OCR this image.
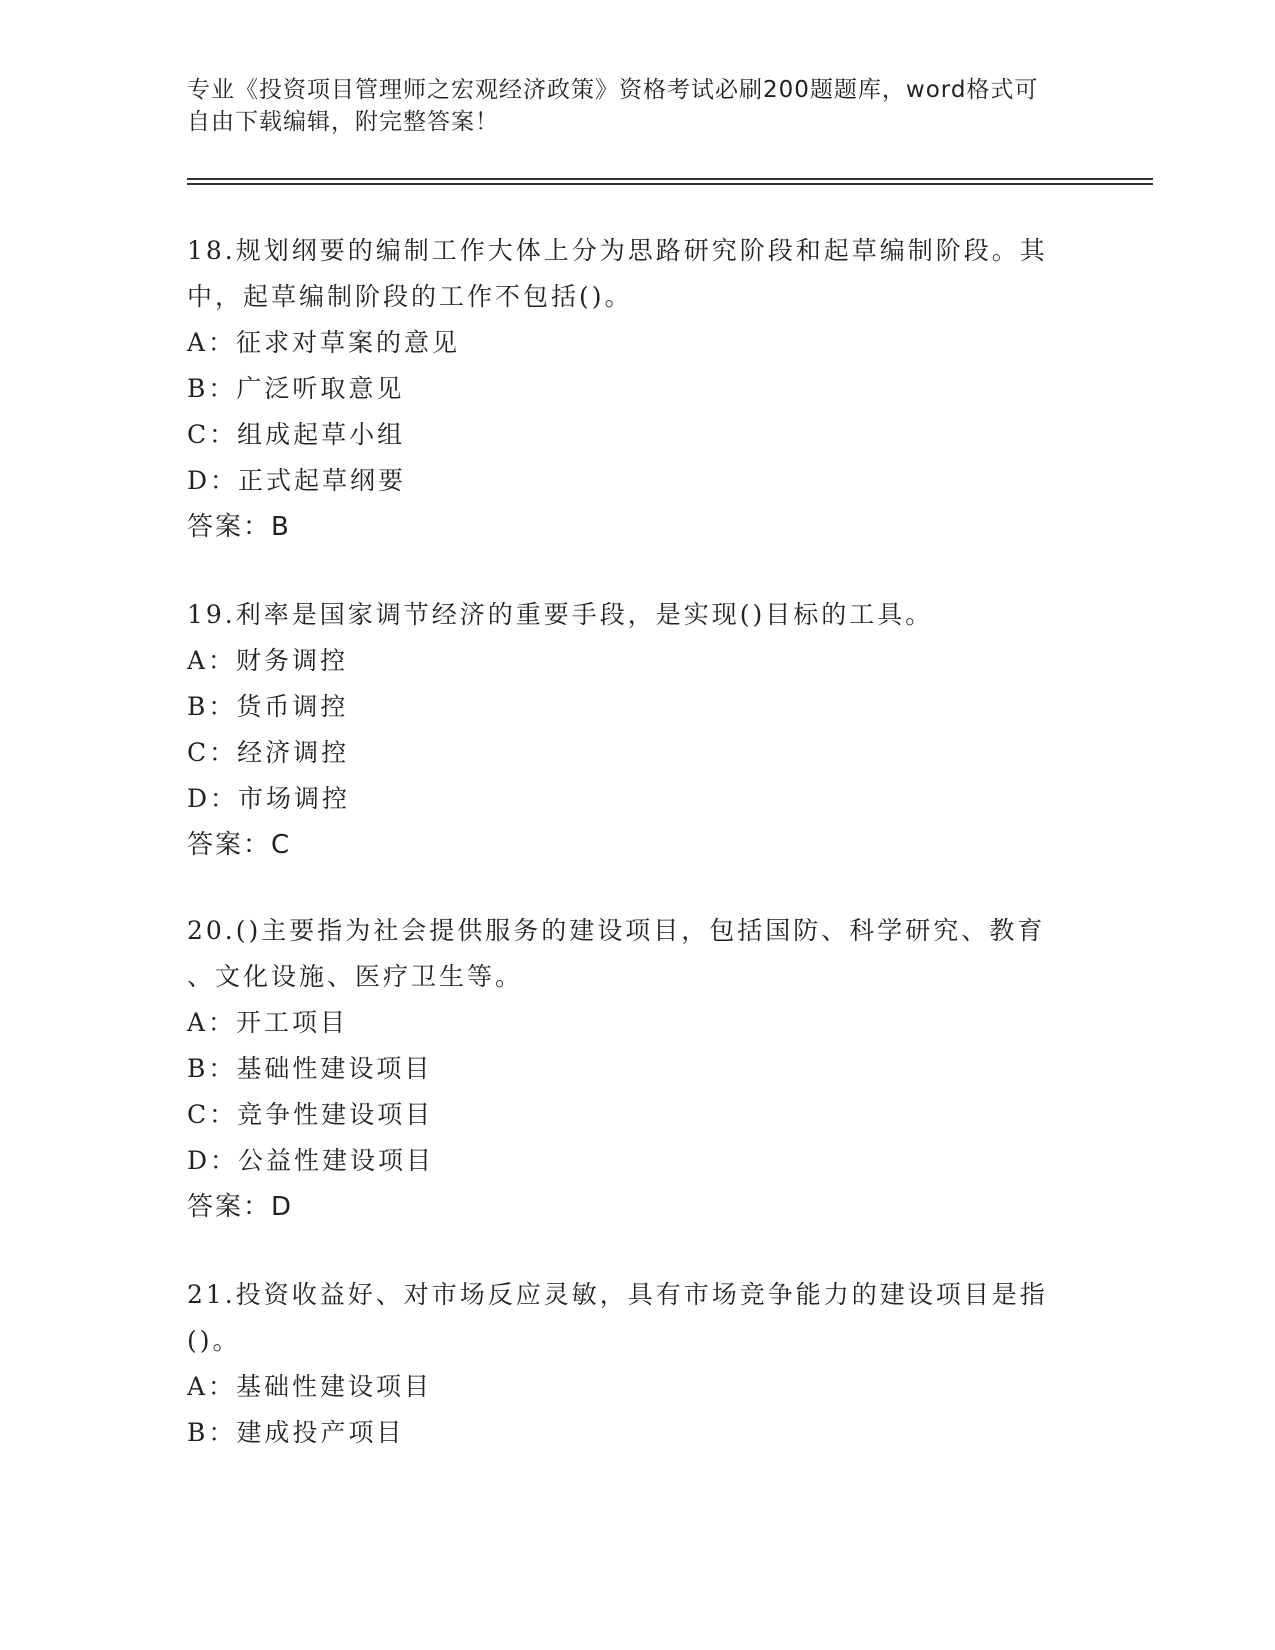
专业《投资项目管理师之宏观经济政策》资格考试必刷200题题库，word格式可
自由下载编辑，附完整答案！
18.规划纲要的编制工作大体上分为思路研究阶段和起草编制阶段。其
中，起草编制阶段的工作不包括()。
A：征求对草案的意见
B：广泛听取意见
C：组成起草小组
D：正式起草纲要
答案：B
19.利率是国家调节经济的重要手段，是实现()目标的工具。
A：财务调控
B：货币调控
C：经济调控
D：市场调控
答案：C
20.()主要指为社会提供服务的建设项目，包括国防、科学研究、教育
、文化设施、医疗卫生等。
A：开工项目
B：基础性建设项目
C：竞争性建设项目
D：公益性建设项目
答案：D
21.投资收益好、对市场反应灵敏，具有市场竞争能力的建设项目是指
()。
A：基础性建设项目
B：建成投产项目
